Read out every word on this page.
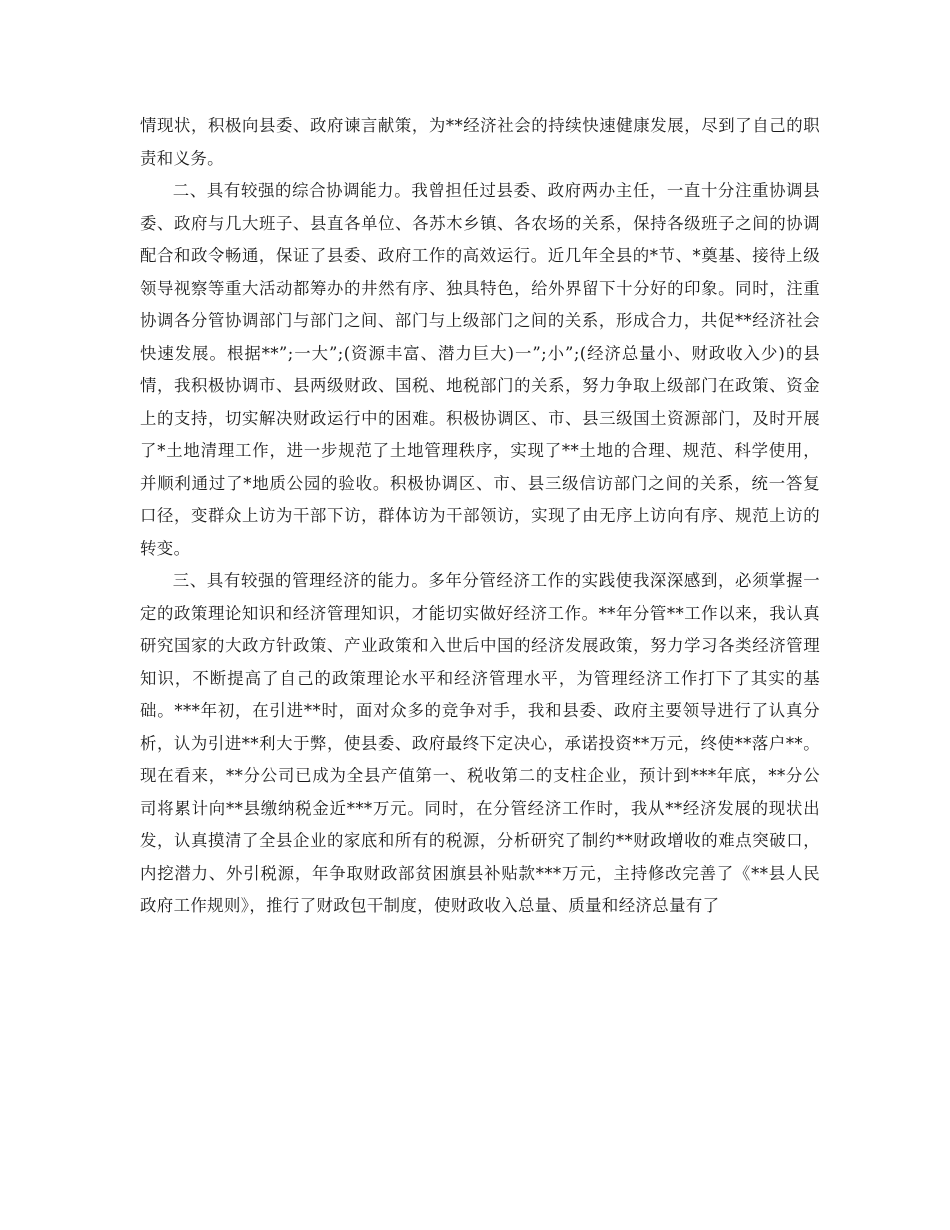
情现状，积极向县委、政府谏言献策，为**经济社会的持续快速健康发展，尽到了自己的职责和义务。

二、具有较强的综合协调能力。我曾担任过县委、政府两办主任，一直十分注重协调县委、政府与几大班子、县直各单位、各苏木乡镇、各农场的关系，保持各级班子之间的协调配合和政令畅通，保证了县委、政府工作的高效运行。近几年全县的*节、*奠基、接待上级领导视察等重大活动都筹办的井然有序、独具特色，给外界留下十分好的印象。同时，注重协调各分管协调部门与部门之间、部门与上级部门之间的关系，形成合力，共促**经济社会快速发展。根据**”;一大”;(资源丰富、潜力巨大)一”;小”;(经济总量小、财政收入少)的县情，我积极协调市、县两级财政、国税、地税部门的关系，努力争取上级部门在政策、资金上的支持，切实解决财政运行中的困难。积极协调区、市、县三级国土资源部门，及时开展了*土地清理工作，进一步规范了土地管理秩序，实现了**土地的合理、规范、科学使用，并顺利通过了*地质公园的验收。积极协调区、市、县三级信访部门之间的关系，统一答复口径，变群众上访为干部下访，群体访为干部领访，实现了由无序上访向有序、规范上访的转变。

三、具有较强的管理经济的能力。多年分管经济工作的实践使我深深感到，必须掌握一定的政策理论知识和经济管理知识，才能切实做好经济工作。**年分管**工作以来，我认真研究国家的大政方针政策、产业政策和入世后中国的经济发展政策，努力学习各类经济管理知识，不断提高了自己的政策理论水平和经济管理水平，为管理经济工作打下了其实的基础。***年初，在引进**时，面对众多的竞争对手，我和县委、政府主要领导进行了认真分析，认为引进**利大于弊，使县委、政府最终下定决心，承诺投资**万元，终使**落户**。现在看来，**分公司已成为全县产值第一、税收第二的支柱企业，预计到***年底，**分公司将累计向**县缴纳税金近***万元。同时，在分管经济工作时，我从**经济发展的现状出发，认真摸清了全县企业的家底和所有的税源，分析研究了制约**财政增收的难点突破口，内挖潜力、外引税源，年争取财政部贫困旗县补贴款***万元，主持修改完善了《**县人民政府工作规则》，推行了财政包干制度，使财政收入总量、质量和经济总量有了
